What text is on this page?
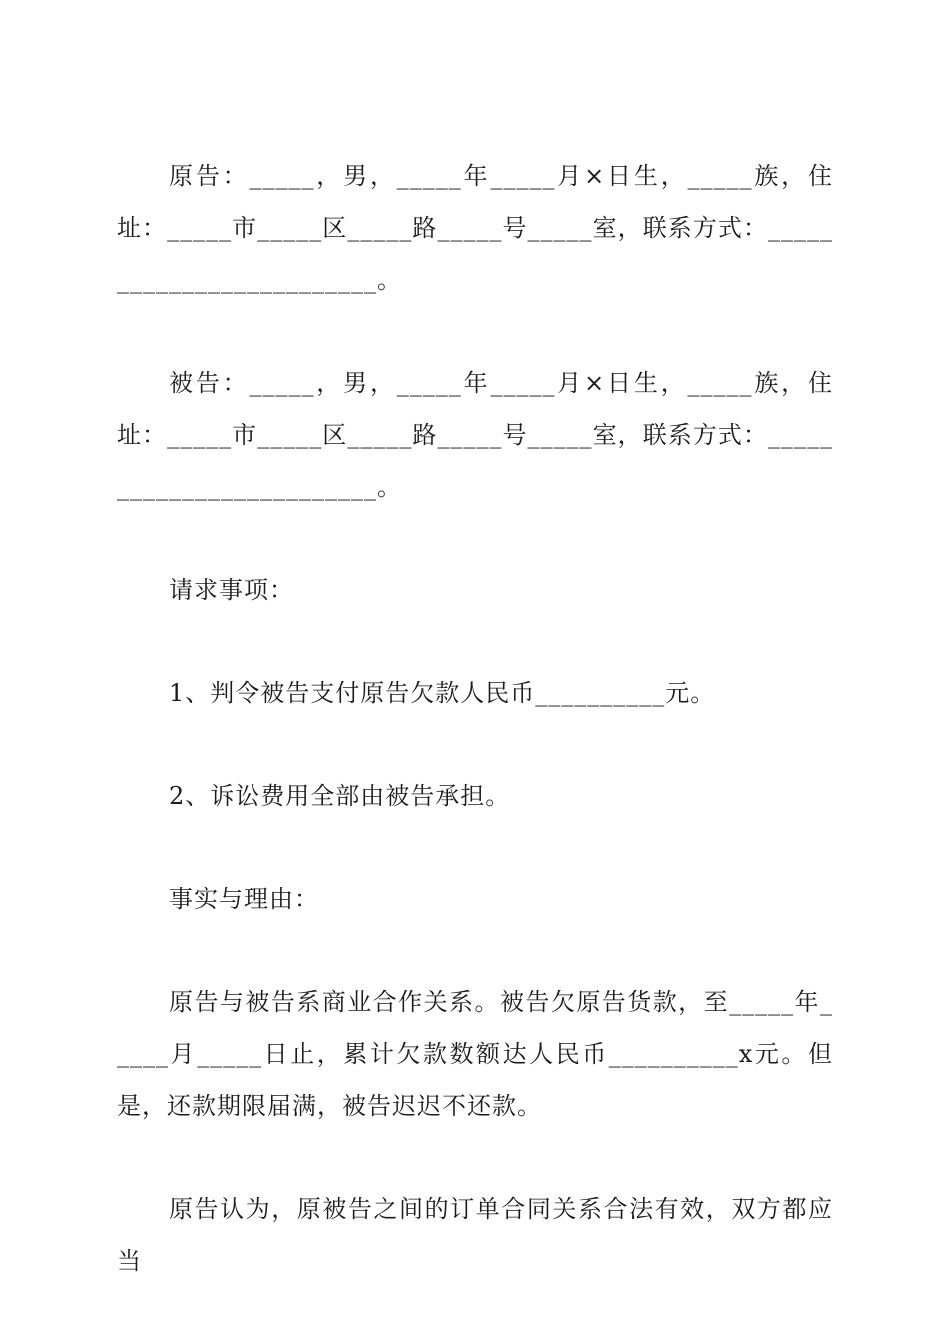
原告：_____，男，_____年_____月×日生，_____族，住址：_____市_____区_____路_____号_____室，联系方式：_________________________。

被告：_____，男，_____年_____月×日生，_____族，住址：_____市_____区_____路_____号_____室，联系方式：_________________________。

请求事项：

1、判令被告支付原告欠款人民币__________元。

2、诉讼费用全部由被告承担。

事实与理由：

原告与被告系商业合作关系。被告欠原告货款，至_____年_____月_____日止，累计欠款数额达人民币__________x元。但是，还款期限届满，被告迟迟不还款。

原告认为，原被告之间的订单合同关系合法有效，双方都应当
